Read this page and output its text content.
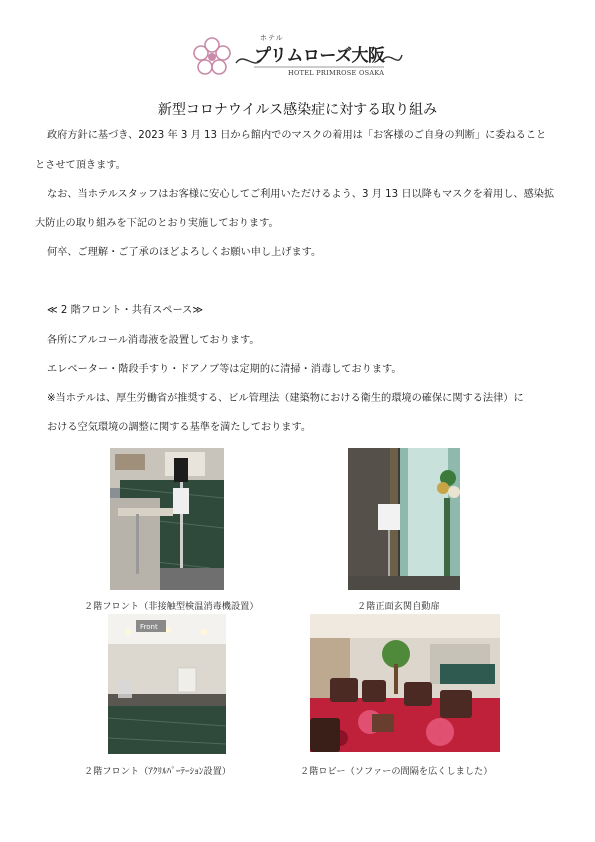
ホテル
プリムローズ大阪
HOTEL PRIMROSE OSAKA
新型コロナウイルス感染症に対する取り組み
政府方針に基づき、2023 年 3 月 13 日から館内でのマスクの着用は「お客様のご自身の判断」に委ねること
とさせて頂きます。
なお、当ホテルスタッフはお客様に安心してご利用いただけるよう、3 月 13 日以降もマスクを着用し、感染拡
大防止の取り組みを下記のとおり実施しております。
何卒、ご理解・ご了承のほどよろしくお願い申し上げます。
≪ 2 階フロント・共有スペース≫
各所にアルコール消毒液を設置しております。
エレベーター・階段手すり・ドアノブ等は定期的に清掃・消毒しております。
※当ホテルは、厚生労働省が推奨する、ビル管理法（建築物における衛生的環境の確保に関する法律）に
おける空気環境の調整に関する基準を満たしております。
２階フロント（非接触型検温消毒機設置）	２階正面玄関自動扉
Front
２階フロント（ｱｸﾘﾙﾊﾟｰﾃｰｼｮﾝ設置）	２階ロビー（ソファーの間隔を広くしました）
